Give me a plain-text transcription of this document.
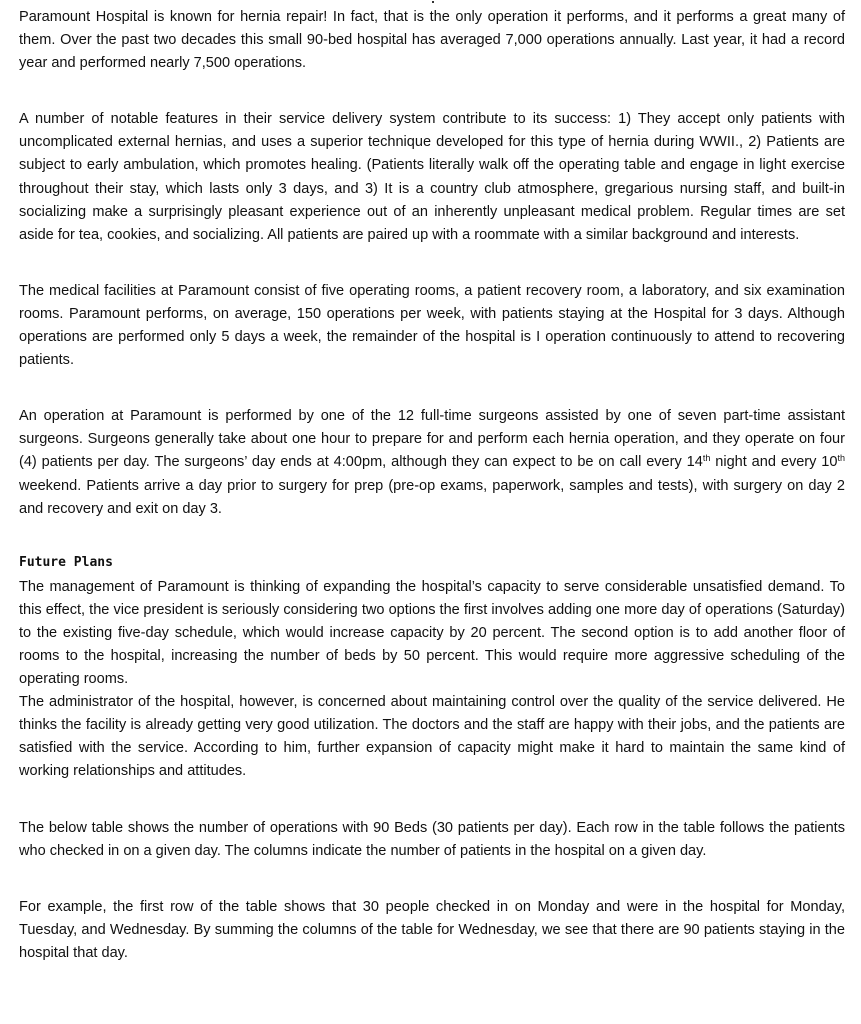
Paramount Hospital is known for hernia repair! In fact, that is the only operation it performs, and it performs a great many of them. Over the past two decades this small 90-bed hospital has averaged 7,000 operations annually. Last year, it had a record year and performed nearly 7,500 operations.

A number of notable features in their service delivery system contribute to its success: 1) They accept only patients with uncomplicated external hernias, and uses a superior technique developed for this type of hernia during WWII., 2) Patients are subject to early ambulation, which promotes healing. (Patients literally walk off the operating table and engage in light exercise throughout their stay, which lasts only 3 days, and 3) It is a country club atmosphere, gregarious nursing staff, and built-in socializing make a surprisingly pleasant experience out of an inherently unpleasant medical problem. Regular times are set aside for tea, cookies, and socializing. All patients are paired up with a roommate with a similar background and interests.

The medical facilities at Paramount consist of five operating rooms, a patient recovery room, a laboratory, and six examination rooms. Paramount performs, on average, 150 operations per week, with patients staying at the Hospital for 3 days. Although operations are performed only 5 days a week, the remainder of the hospital is I operation continuously to attend to recovering patients.

An operation at Paramount is performed by one of the 12 full-time surgeons assisted by one of seven part-time assistant surgeons. Surgeons generally take about one hour to prepare for and perform each hernia operation, and they operate on four (4) patients per day. The surgeons’ day ends at 4:00pm, although they can expect to be on call every 14th night and every 10th weekend. Patients arrive a day prior to surgery for prep (pre-op exams, paperwork, samples and tests), with surgery on day 2 and recovery and exit on day 3.

Future Plans

The management of Paramount is thinking of expanding the hospital’s capacity to serve considerable unsatisfied demand. To this effect, the vice president is seriously considering two options the first involves adding one more day of operations (Saturday) to the existing five-day schedule, which would increase capacity by 20 percent. The second option is to add another floor of rooms to the hospital, increasing the number of beds by 50 percent. This would require more aggressive scheduling of the operating rooms.

The administrator of the hospital, however, is concerned about maintaining control over the quality of the service delivered. He thinks the facility is already getting very good utilization. The doctors and the staff are happy with their jobs, and the patients are satisfied with the service. According to him, further expansion of capacity might make it hard to maintain the same kind of working relationships and attitudes.

The below table shows the number of operations with 90 Beds (30 patients per day). Each row in the table follows the patients who checked in on a given day. The columns indicate the number of patients in the hospital on a given day.

For example, the first row of the table shows that 30 people checked in on Monday and were in the hospital for Monday, Tuesday, and Wednesday. By summing the columns of the table for Wednesday, we see that there are 90 patients staying in the hospital that day.
